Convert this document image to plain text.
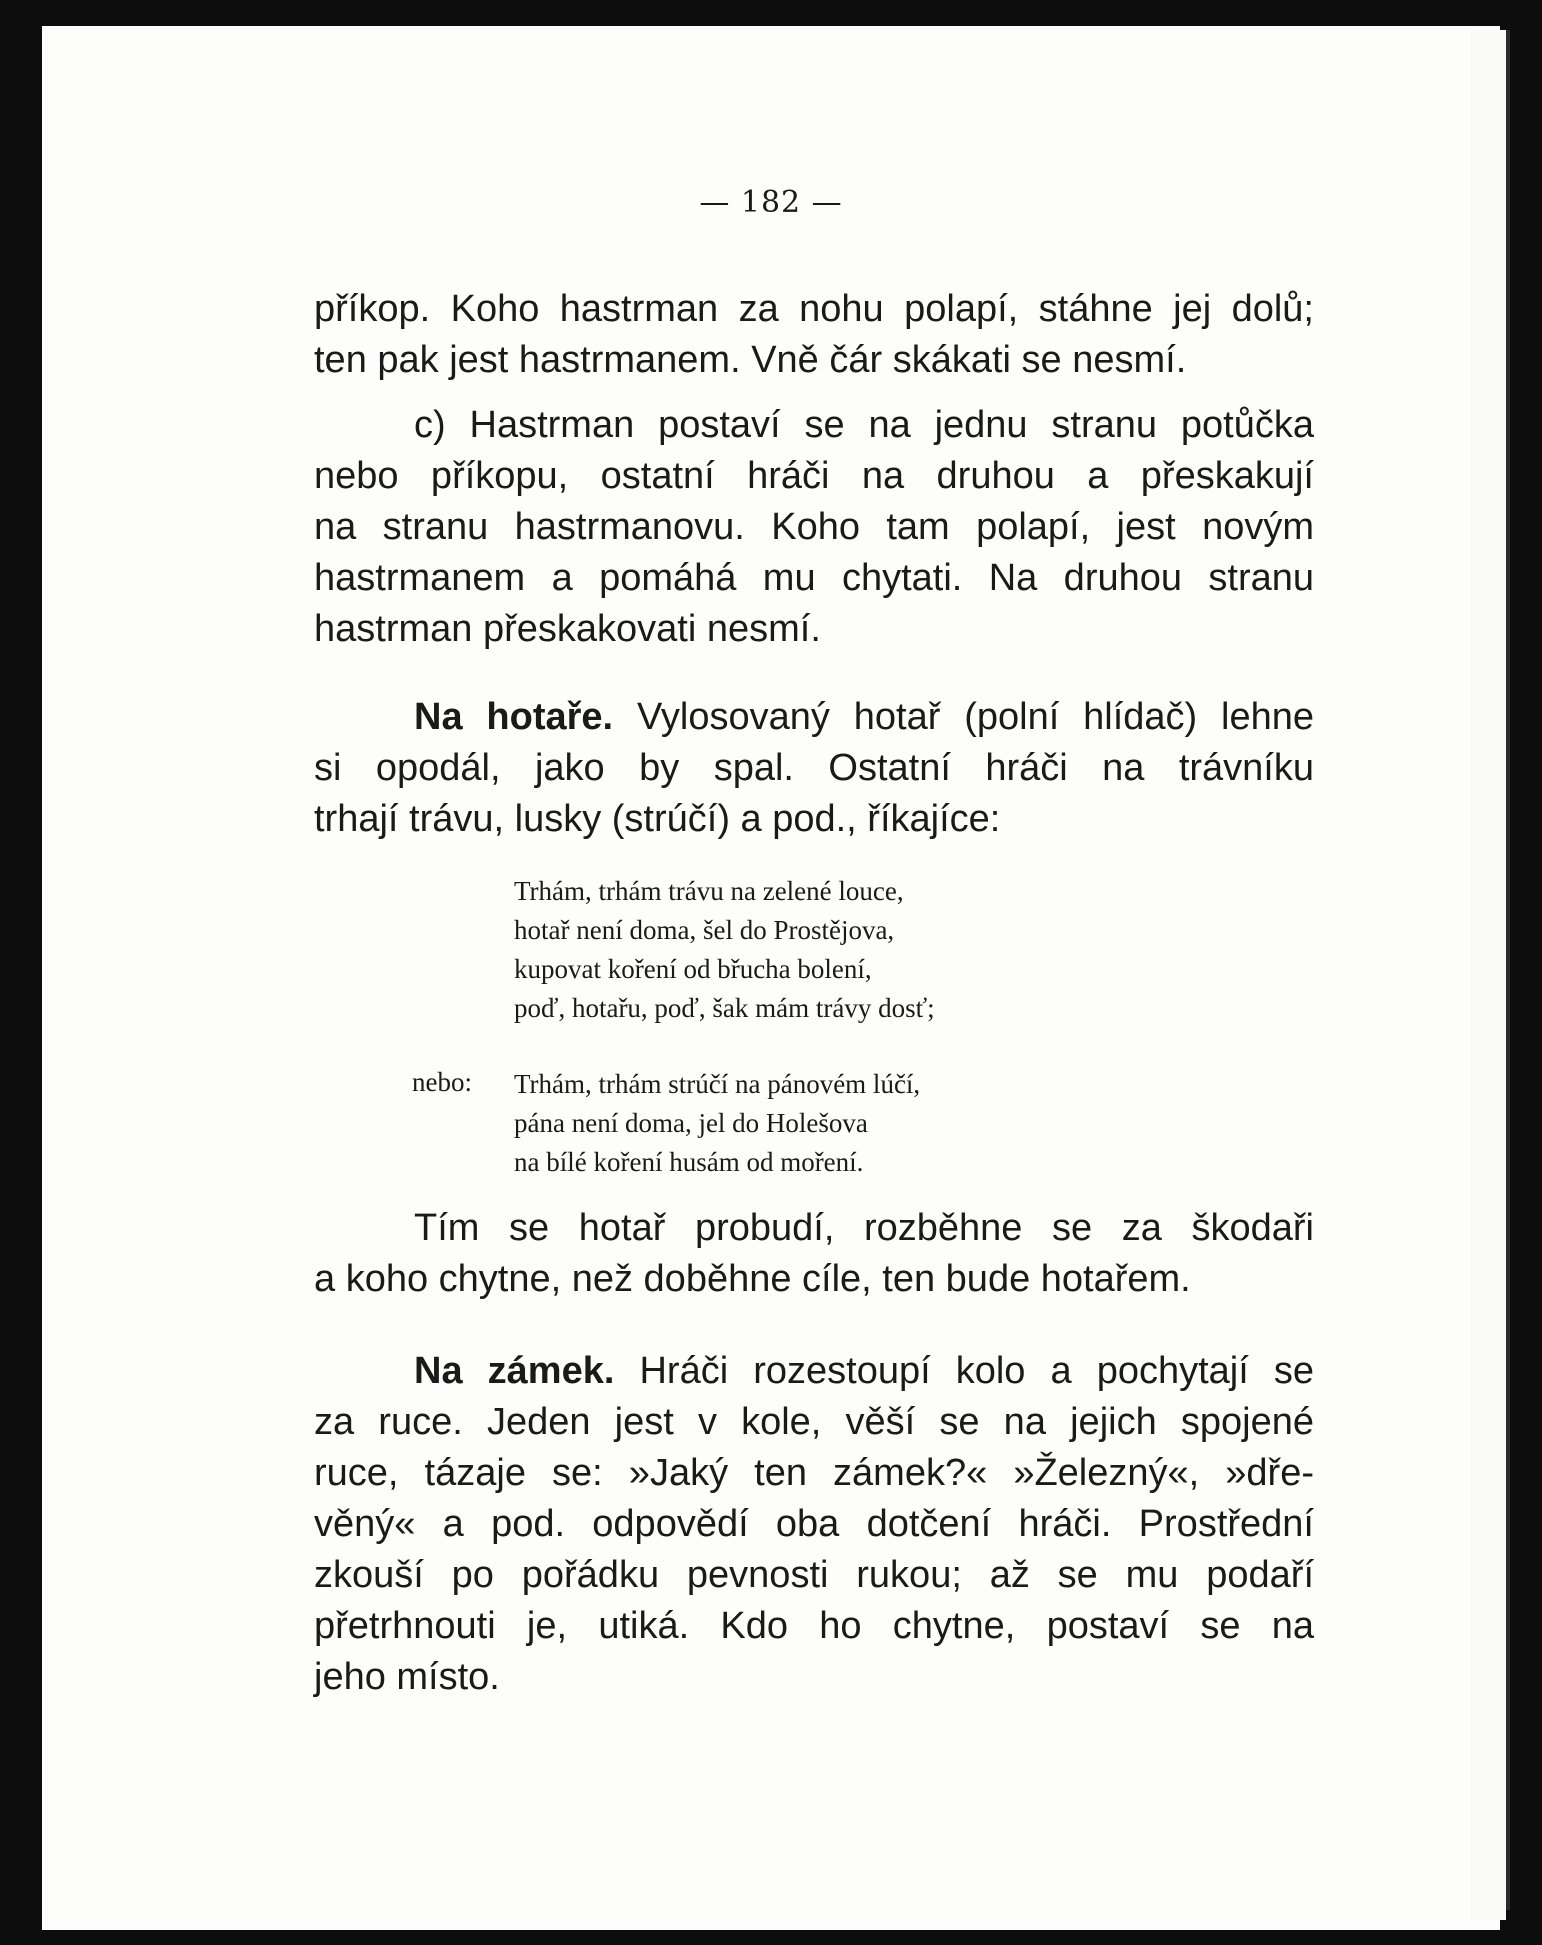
— 182 —

příkop. Koho hastrman za nohu polapí, stáhne jej dolů;
ten pak jest hastrmanem. Vně čár skákati se nesmí.

c) Hastrman postaví se na jednu stranu potůčka
nebo příkopu, ostatní hráči na druhou a přeskakují
na stranu hastrmanovu. Koho tam polapí, jest novým
hastrmanem a pomáhá mu chytati. Na druhou stranu
hastrman přeskakovati nesmí.

Na hotaře. Vylosovaný hotař (polní hlídač) lehne
si opodál, jako by spal. Ostatní hráči na trávníku
trhají trávu, lusky (strúčí) a pod., říkajíce:

Trhám, trhám trávu na zelené louce,
hotař není doma, šel do Prostějova,
kupovat koření od břucha bolení,
poď, hotařu, poď, šak mám trávy dosť;
nebo: Trhám, trhám strúčí na pánovém lúčí,
pána není doma, jel do Holešova
na bílé koření husám od moření.

Tím se hotař probudí, rozběhne se za škodaři
a koho chytne, než doběhne cíle, ten bude hotařem.

Na zámek. Hráči rozestoupí kolo a pochytají se
za ruce. Jeden jest v kole, věší se na jejich spojené
ruce, tázaje se: »Jaký ten zámek?« »Železný«, »dře-
věný« a pod. odpovědí oba dotčení hráči. Prostřední
zkouší po pořádku pevnosti rukou; až se mu podaří
přetrhnouti je, utiká. Kdo ho chytne, postaví se na
jeho místo.
